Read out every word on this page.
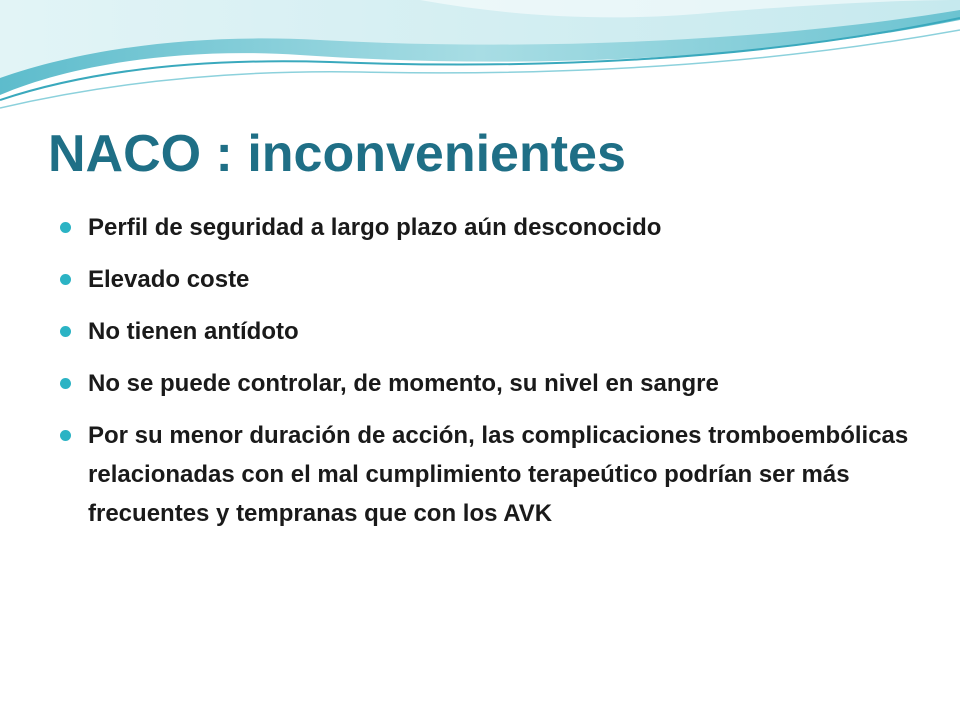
NACO : inconvenientes
Perfil de seguridad a largo plazo aún desconocido
Elevado coste
No tienen antídoto
No se puede controlar, de momento, su nivel en sangre
Por su menor duración de acción, las complicaciones tromboembólicas relacionadas con el mal cumplimiento terapeútico podrían ser más frecuentes y tempranas que con los AVK
